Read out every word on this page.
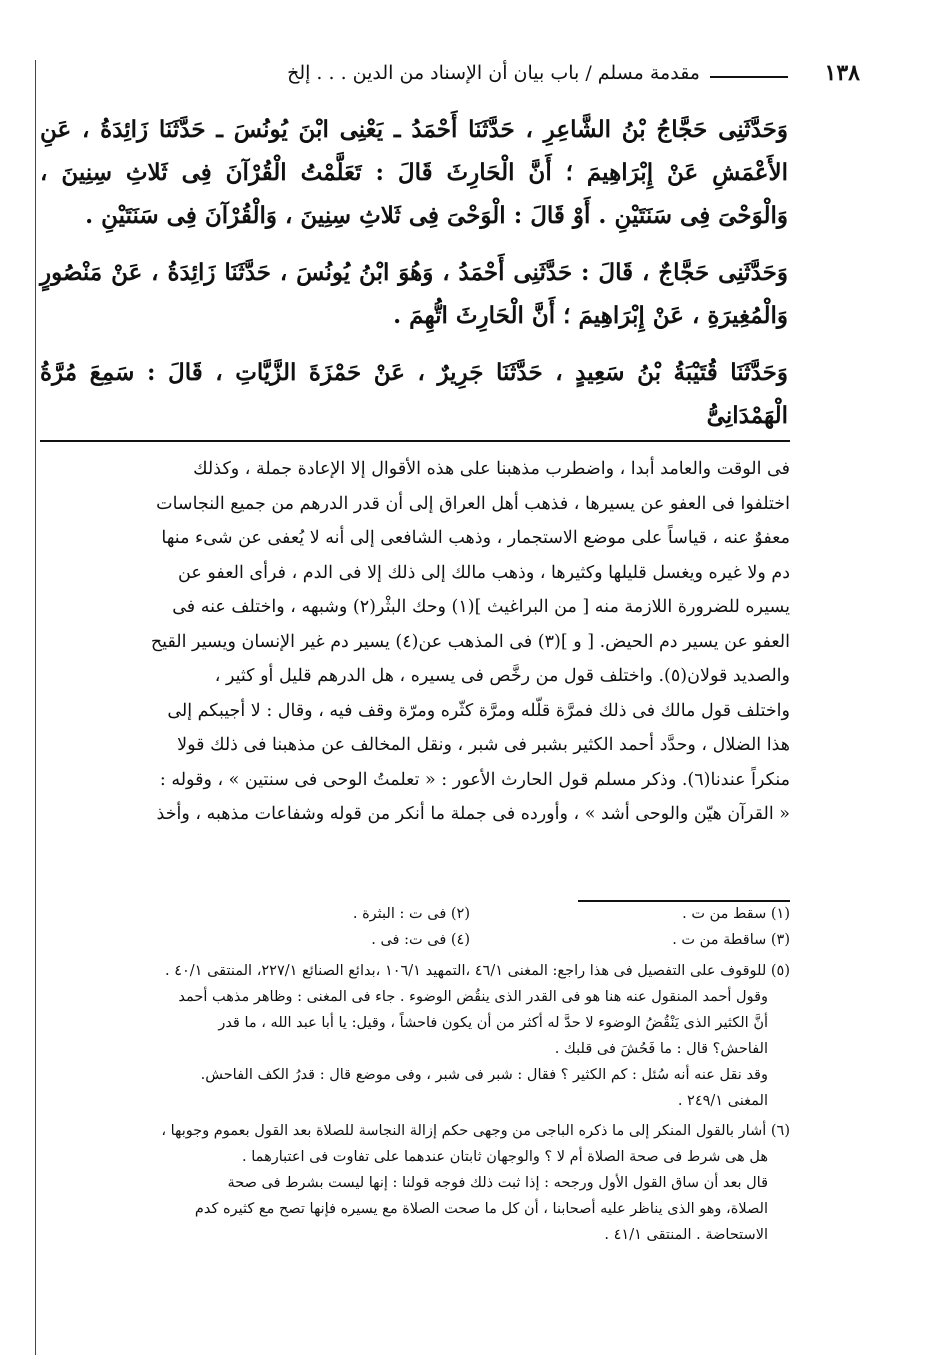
١٣٨
مقدمة مسلم / باب بيان أن الإسناد من الدين . . . إلخ

وَحَدَّثَنِى حَجَّاجُ بْنُ الشَّاعِرِ ، حَدَّثَنَا أَحْمَدُ ـ يَعْنِى ابْنَ يُونُسَ ـ حَدَّثَنَا زَائِدَةُ ، عَنِ الأَعْمَشِ عَنْ إِبْرَاهِيمَ ؛ أَنَّ الْحَارِثَ قَالَ : تَعَلَّمْتُ الْقُرْآنَ فِى ثَلاثِ سِنِينَ ، وَالْوَحْىَ فِى سَنَتَيْنِ . أَوْ قَالَ : الْوَحْىَ فِى ثَلاثِ سِنِينَ ، وَالْقُرْآنَ فِى سَنَتَيْنِ .

وَحَدَّثَنِى حَجَّاجٌ ، قَالَ : حَدَّثَنِى أَحْمَدُ ، وَهُوَ ابْنُ يُونُسَ ، حَدَّثَنَا زَائِدَةُ ، عَنْ مَنْصُورٍ وَالْمُغِيرَةِ ، عَنْ إِبْرَاهِيمَ ؛ أَنَّ الْحَارِثَ اتُّهِمَ .

وَحَدَّثَنَا قُتَيْبَةُ بْنُ سَعِيدٍ ، حَدَّثَنَا جَرِيرٌ ، عَنْ حَمْزَةَ الزَّيَّاتِ ، قَالَ : سَمِعَ مُرَّةُ الْهَمْدَانِىُّ

فى الوقت والعامد أبدا ، واضطرب مذهبنا على هذه الأقوال إلا الإعادة جملة ، وكذلك
اختلفوا فى العفو عن يسيرها ، فذهب أهل العراق إلى أن قدر الدرهم من جميع النجاسات
معفوٌ عنه ، قياساً على موضع الاستجمار ، وذهب الشافعى إلى أنه لا يُعفى عن شىء منها
دم ولا غيره ويغسل قليلها وكثيرها ، وذهب مالك إلى ذلك إلا فى الدم ، فرأى العفو عن
يسيره للضرورة اللازمة منه [ من البراغيث ](١) وحك البثْر(٢) وشبهه ، واختلف عنه فى
العفو عن يسير دم الحيض. [ و ](٣) فى المذهب عن(٤) يسير دم غير الإنسان ويسير القيح
والصديد قولان(٥). واختلف قول من رخَّص فى يسيره ، هل الدرهم قليل أو كثير ،
واختلف قول مالك فى ذلك فمرَّة قلّله ومرَّة كثّره ومرّة وقف فيه ، وقال : لا أجيبكم إلى
هذا الضلال ، وحدَّد أحمد الكثير بشبر فى شبر ، ونقل المخالف عن مذهبنا فى ذلك قولا
منكراً عندنا(٦). وذكر مسلم قول الحارث الأعور : « تعلمتُ الوحى فى سنتين » ، وقوله :
« القرآن هيّن والوحى أشد » ، وأورده فى جملة ما أنكر من قوله وشفاعات مذهبه ، وأخذ
(١) سقط من ت .
(٢) فى ت : البثرة .
(٣) ساقطة من ت .
(٤) فى ت: فى .
(٥) للوقوف على التفصيل فى هذا راجع: المغنى ٤٦/١ ،التمهيد ١٠٦/١ ،بدائع الصنائع ٢٢٧/١، المنتقى ٤٠/١ .
وقول أحمد المنقول عنه هنا هو فى القدر الذى ينقُض الوضوء . جاء فى المغنى : وظاهر مذهب أحمد
أنَّ الكثير الذى يَنْقُضُ الوضوء لا حدَّ له أكثر من أن يكون فاحشاً ، وقيل: يا أبا عبد الله ، ما قدر
الفاحش؟ قال : ما فَحُشَ فى قلبك .
وقد نقل عنه أنه سُئل : كم الكثير ؟ فقال : شبر فى شبر ، وفى موضع قال : قدرُ الكف الفاحش.
المغنى ٢٤٩/١ .
(٦) أشار بالقول المنكر إلى ما ذكره الباجى من وجهى حكم إزالة النجاسة للصلاة بعد القول بعموم وجوبها ،
هل هى شرط فى صحة الصلاة أم لا ؟ والوجهان ثابتان عندهما على تفاوت فى اعتبارهما .
قال بعد أن ساق القول الأول ورجحه : إذا ثبت ذلك فوجه قولنا : إنها ليست بشرط فى صحة
الصلاة، وهو الذى يناظر عليه أصحابنا ، أن كل ما صحت الصلاة مع يسيره فإنها تصح مع كثيره كدم
الاستحاضة . المنتقى ٤١/١ .
